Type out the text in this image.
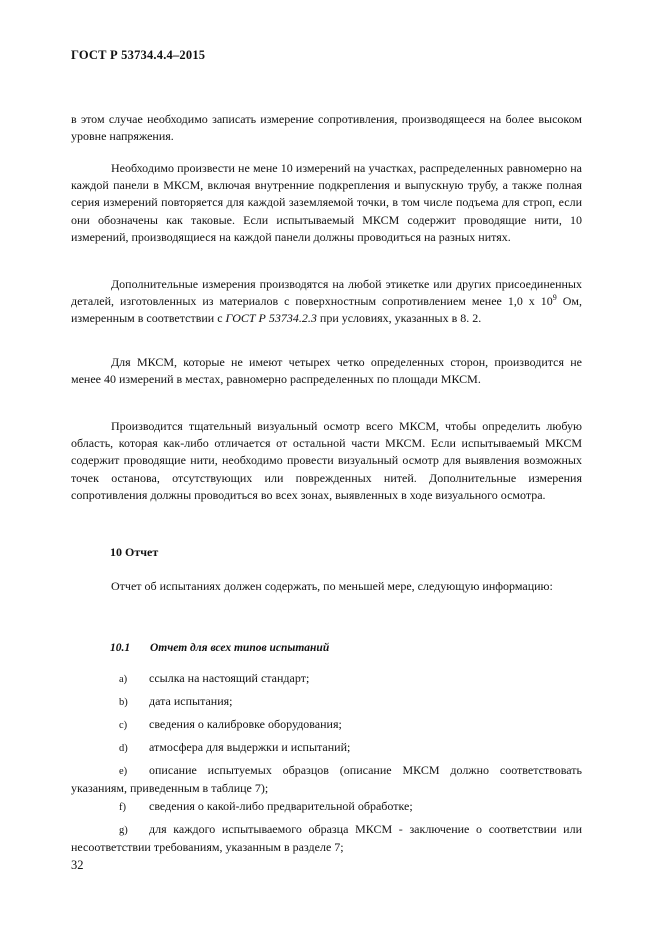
ГОСТ Р 53734.4.4–2015

в этом случае необходимо записать измерение сопротивления, производящееся на более высоком уровне напряжения.

Необходимо произвести не мене 10 измерений на участках, распределенных равномерно на каждой панели в МКСМ, включая внутренние подкрепления и выпускную трубу, а также полная серия измерений повторяется для каждой заземляемой точки, в том числе подъема для строп, если они обозначены как таковые. Если испытываемый МКСМ содержит проводящие нити, 10 измерений, производящиеся на каждой панели должны проводиться на разных нитях.

Дополнительные измерения производятся на любой этикетке или других присоединенных деталей, изготовленных из материалов с поверхностным сопротивлением менее 1,0 х $10^9$ Ом, измеренным в соответствии с ГОСТ Р 53734.2.3 при условиях, указанных в 8. 2.

Для МКСМ, которые не имеют четырех четко определенных сторон, производится не менее 40 измерений в местах, равномерно распределенных по площади МКСМ.

Производится тщательный визуальный осмотр всего МКСМ, чтобы определить любую область, которая как-либо отличается от остальной части МКСМ. Если испытываемый МКСМ содержит проводящие нити, необходимо провести визуальный осмотр для выявления возможных точек останова, отсутствующих или поврежденных нитей. Дополнительные измерения сопротивления должны проводиться во всех зонах, выявленных в ходе визуального осмотра.

10 Отчет

Отчет об испытаниях должен содержать, по меньшей мере, следующую информацию:

10.1 Отчет для всех типов испытаний
а) ссылка на настоящий стандарт;
b) дата испытания;
c) сведения о калибровке оборудования;
d) атмосфера для выдержки и испытаний;
e) описание испытуемых образцов (описание МКСМ должно соответствовать указаниям, приведенным в таблице 7);
f) сведения о какой-либо предварительной обработке;
g) для каждого испытываемого образца МКСМ - заключение о соответствии или несоответствии требованиям, указанным в разделе 7;
32
